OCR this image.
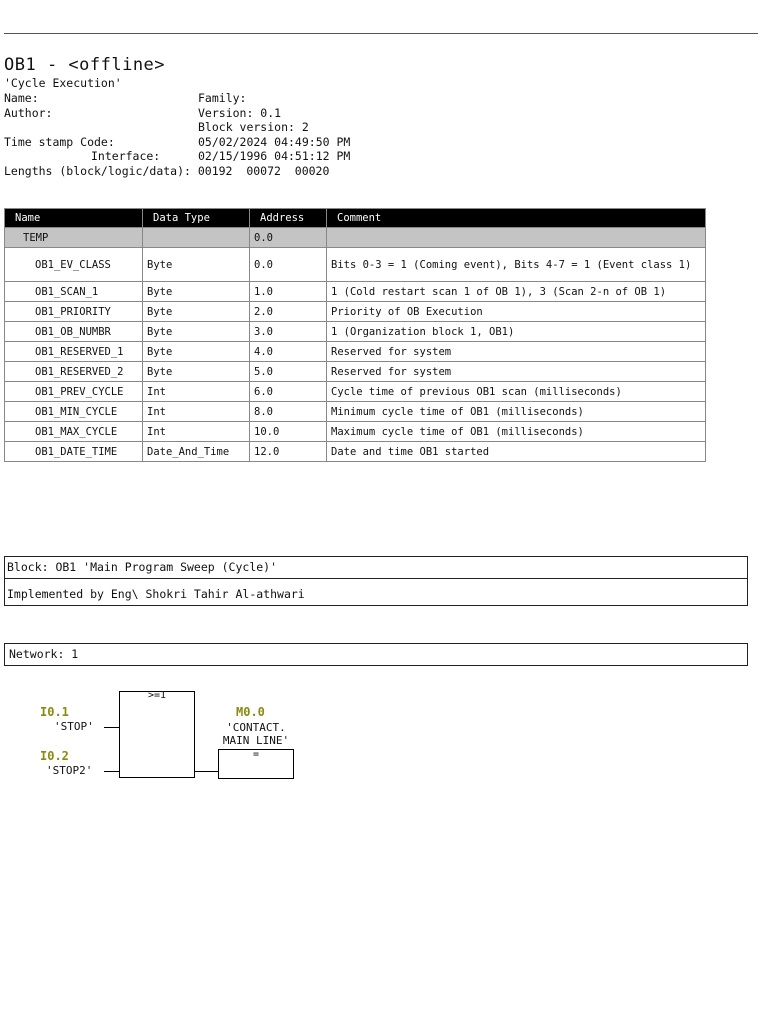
OB1 - <offline>
'Cycle Execution'
Name:	Family:
Author:	Version: 0.1
Block version: 2
Time stamp Code:	05/02/2024 04:49:50 PM
Interface:	02/15/1996 04:51:12 PM
Lengths (block/logic/data): 00192  00072  00020
Name	Data Type	Address	Comment
TEMP		0.0	
OB1_EV_CLASS	Byte	0.0	Bits 0-3 = 1 (Coming event), Bits 4-7 = 1 (Event class 1)
OB1_SCAN_1	Byte	1.0	1 (Cold restart scan 1 of OB 1), 3 (Scan 2-n of OB 1)
OB1_PRIORITY	Byte	2.0	Priority of OB Execution
OB1_OB_NUMBR	Byte	3.0	1 (Organization block 1, OB1)
OB1_RESERVED_1	Byte	4.0	Reserved for system
OB1_RESERVED_2	Byte	5.0	Reserved for system
OB1_PREV_CYCLE	Int	6.0	Cycle time of previous OB1 scan (milliseconds)
OB1_MIN_CYCLE	Int	8.0	Minimum cycle time of OB1 (milliseconds)
OB1_MAX_CYCLE	Int	10.0	Maximum cycle time of OB1 (milliseconds)
OB1_DATE_TIME	Date_And_Time	12.0	Date and time OB1 started
Block: OB1 'Main Program Sweep (Cycle)'
Implemented by Eng\ Shokri Tahir Al-athwari
Network: 1
I0.1
'STOP'
I0.2
'STOP2'
>=1
M0.0
'CONTACT.
MAIN LINE'
=
